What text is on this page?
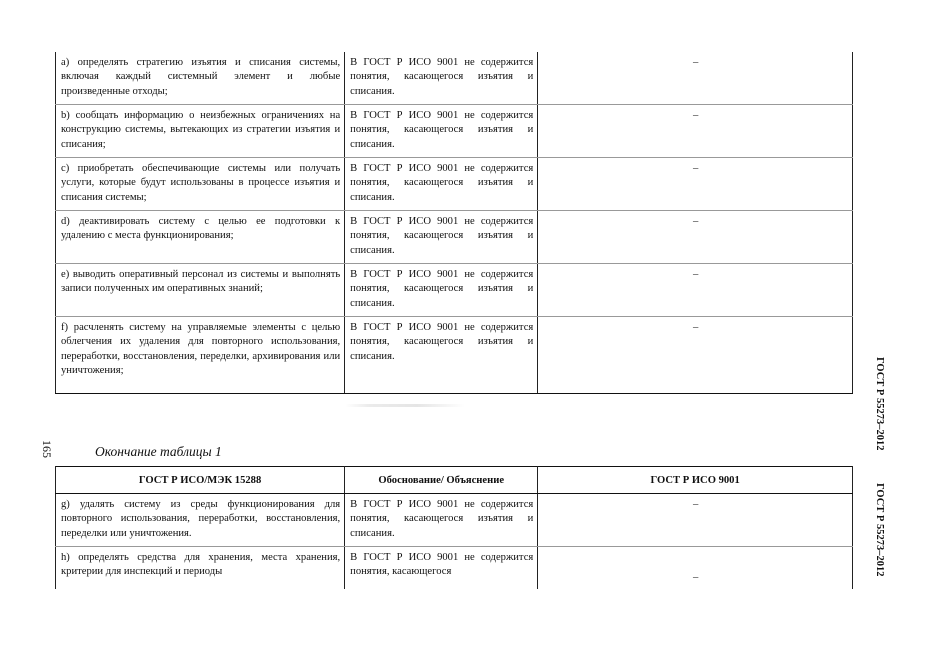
a) определять стратегию изъятия и списания системы, включая каждый системный элемент и любые произведенные отходы;	В ГОСТ Р ИСО 9001 не содержится понятия, касающегося изъятия и списания.	–
b) сообщать информацию о неизбежных ограничениях на конструкцию системы, вытекающих из стратегии изъятия и списания;	В ГОСТ Р ИСО 9001 не содержится понятия, касающегося изъятия и списания.	–
c) приобретать обеспечивающие системы или получать услуги, которые будут использованы в процессе изъятия и списания системы;	В ГОСТ Р ИСО 9001 не содержится понятия, касающегося изъятия и списания.	–
d) деактивировать систему с целью ее подготовки к удалению с места функционирования;	В ГОСТ Р ИСО 9001 не содержится понятия, касающегося изъятия и списания.	–
e) выводить оперативный персонал из системы и выполнять записи полученных им оперативных знаний;	В ГОСТ Р ИСО 9001 не содержится понятия, касающегося изъятия и списания.	–
f) расчленять систему на управляемые элементы с целью облегчения их удаления для повторного использования, переработки, восстановления, переделки, архивирования или уничтожения;	В ГОСТ Р ИСО 9001 не содержится понятия, касающегося изъятия и списания.	–
165	Окончание таблицы 1
ГОСТ Р ИСО/МЭК 15288	Обоснование/ Объяснение	ГОСТ Р ИСО 9001
g) удалять систему из среды функционирования для повторного использования, переработки, восстановления, переделки или уничтожения.	В ГОСТ Р ИСО 9001 не содержится понятия, касающегося изъятия и списания.	–
h) определять средства для хранения, места хранения, критерии для инспекций и периоды	В ГОСТ Р ИСО 9001 не содержится понятия, касающегося	–
ГОСТ Р 55273–2012
ГОСТ Р 55273–2012
